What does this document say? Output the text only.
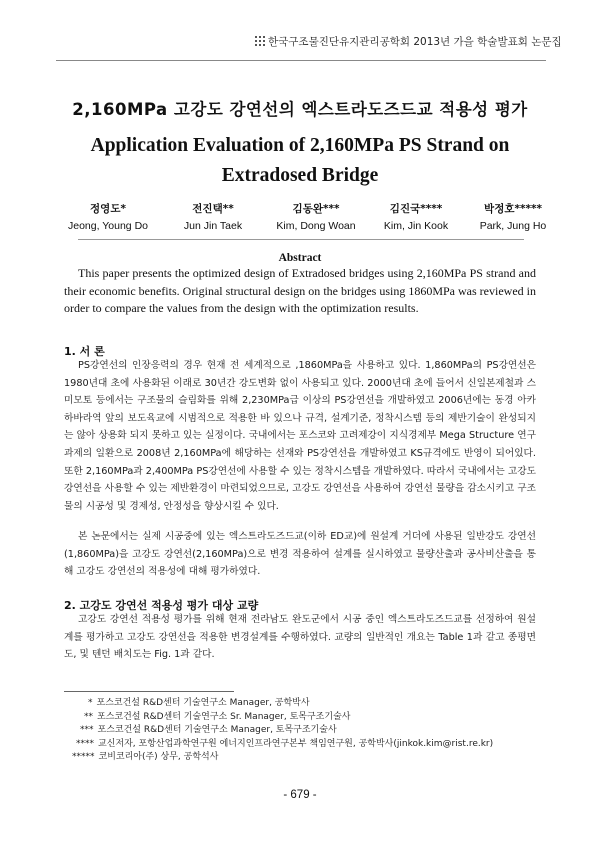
한국구조물진단유지관리공학회 2013년 가을 학술발표회 논문집
2,160MPa 고강도 강연선의 엑스트라도즈드교 적용성 평가
Application Evaluation of 2,160MPa PS Strand on
Extradosed Bridge
정영도*
Jeong, Young Do
전진택**
Jun Jin Taek
김동완***
Kim, Dong Woan
김진국****
Kim, Jin Kook
박정호*****
Park, Jung Ho
Abstract
This paper presents the optimized design of Extradosed bridges using 2,160MPa PS strand and their economic benefits. Original structural design on the bridges using 1860MPa was reviewed in order to compare the values from the design with the optimization results.
1. 서 론
PS강연선의 인장응력의 경우 현재 전 세계적으로 ,1860MPa을 사용하고 있다. 1,860MPa의 PS강연선은 1980년대 초에 사용화된 이래로 30년간 강도변화 없이 사용되고 있다. 2000년대 초에 들어서 신일본제철과 스미모토 등에서는 구조물의 슬림화를 위해 2,230MPa급 이상의 PS강연선을 개발하였고 2006년에는 동경 아카하바라역 앞의 보도육교에 시범적으로 적용한 바 있으나 규격, 설계기준, 정착시스템 등의 제반기술이 완성되지는 않아 상용화 되지 못하고 있는 실정이다. 국내에서는 포스코와 고려제강이 지식경제부 Mega Structure 연구과제의 일환으로 2008년 2,160MPa에 해당하는 선재와 PS강연선을 개발하였고 KS규격에도 반영이 되어있다. 또한 2,160MPa과 2,400MPa PS강연선에 사용할 수 있는 정착시스템을 개발하였다. 따라서 국내에서는 고강도 강연선을 사용할 수 있는 제반환경이 마련되었으므로, 고강도 강연선을 사용하여 강연선 물량을 감소시키고 구조물의 시공성 및 경제성, 안정성을 향상시킬 수 있다.
본 논문에서는 실제 시공중에 있는 엑스트라도즈드교(이하 ED교)에 원설계 거더에 사용된 일반강도 강연선(1,860MPa)을 고강도 강연선(2,160MPa)으로 변경 적용하여 설계를 실시하였고 물량산출과 공사비산출을 통해 고강도 강연선의 적용성에 대해 평가하였다.
2. 고강도 강연선 적용성 평가 대상 교량
고강도 강연선 적용성 평가를 위해 현재 전라남도 완도군에서 시공 중인 엑스트라도즈드교를 선정하여 원설계를 평가하고 고강도 강연선을 적용한 변경설계를 수행하였다. 교량의 일반적인 개요는 Table 1과 같고 종평면도, 및 텐던 배치도는 Fig. 1과 같다.
* 포스코건설 R&D센터 기술연구소 Manager, 공학박사
** 포스코건설 R&D센터 기술연구소 Sr. Manager, 토목구조기술사
*** 포스코건설 R&D센터 기술연구소 Manager, 토목구조기술사
**** 교신저자, 포항산업과학연구원 에너지인프라연구본부 책임연구원, 공학박사(jinkok.kim@rist.re.kr)
***** 코비코리아(주) 상무, 공학석사
- 679 -
